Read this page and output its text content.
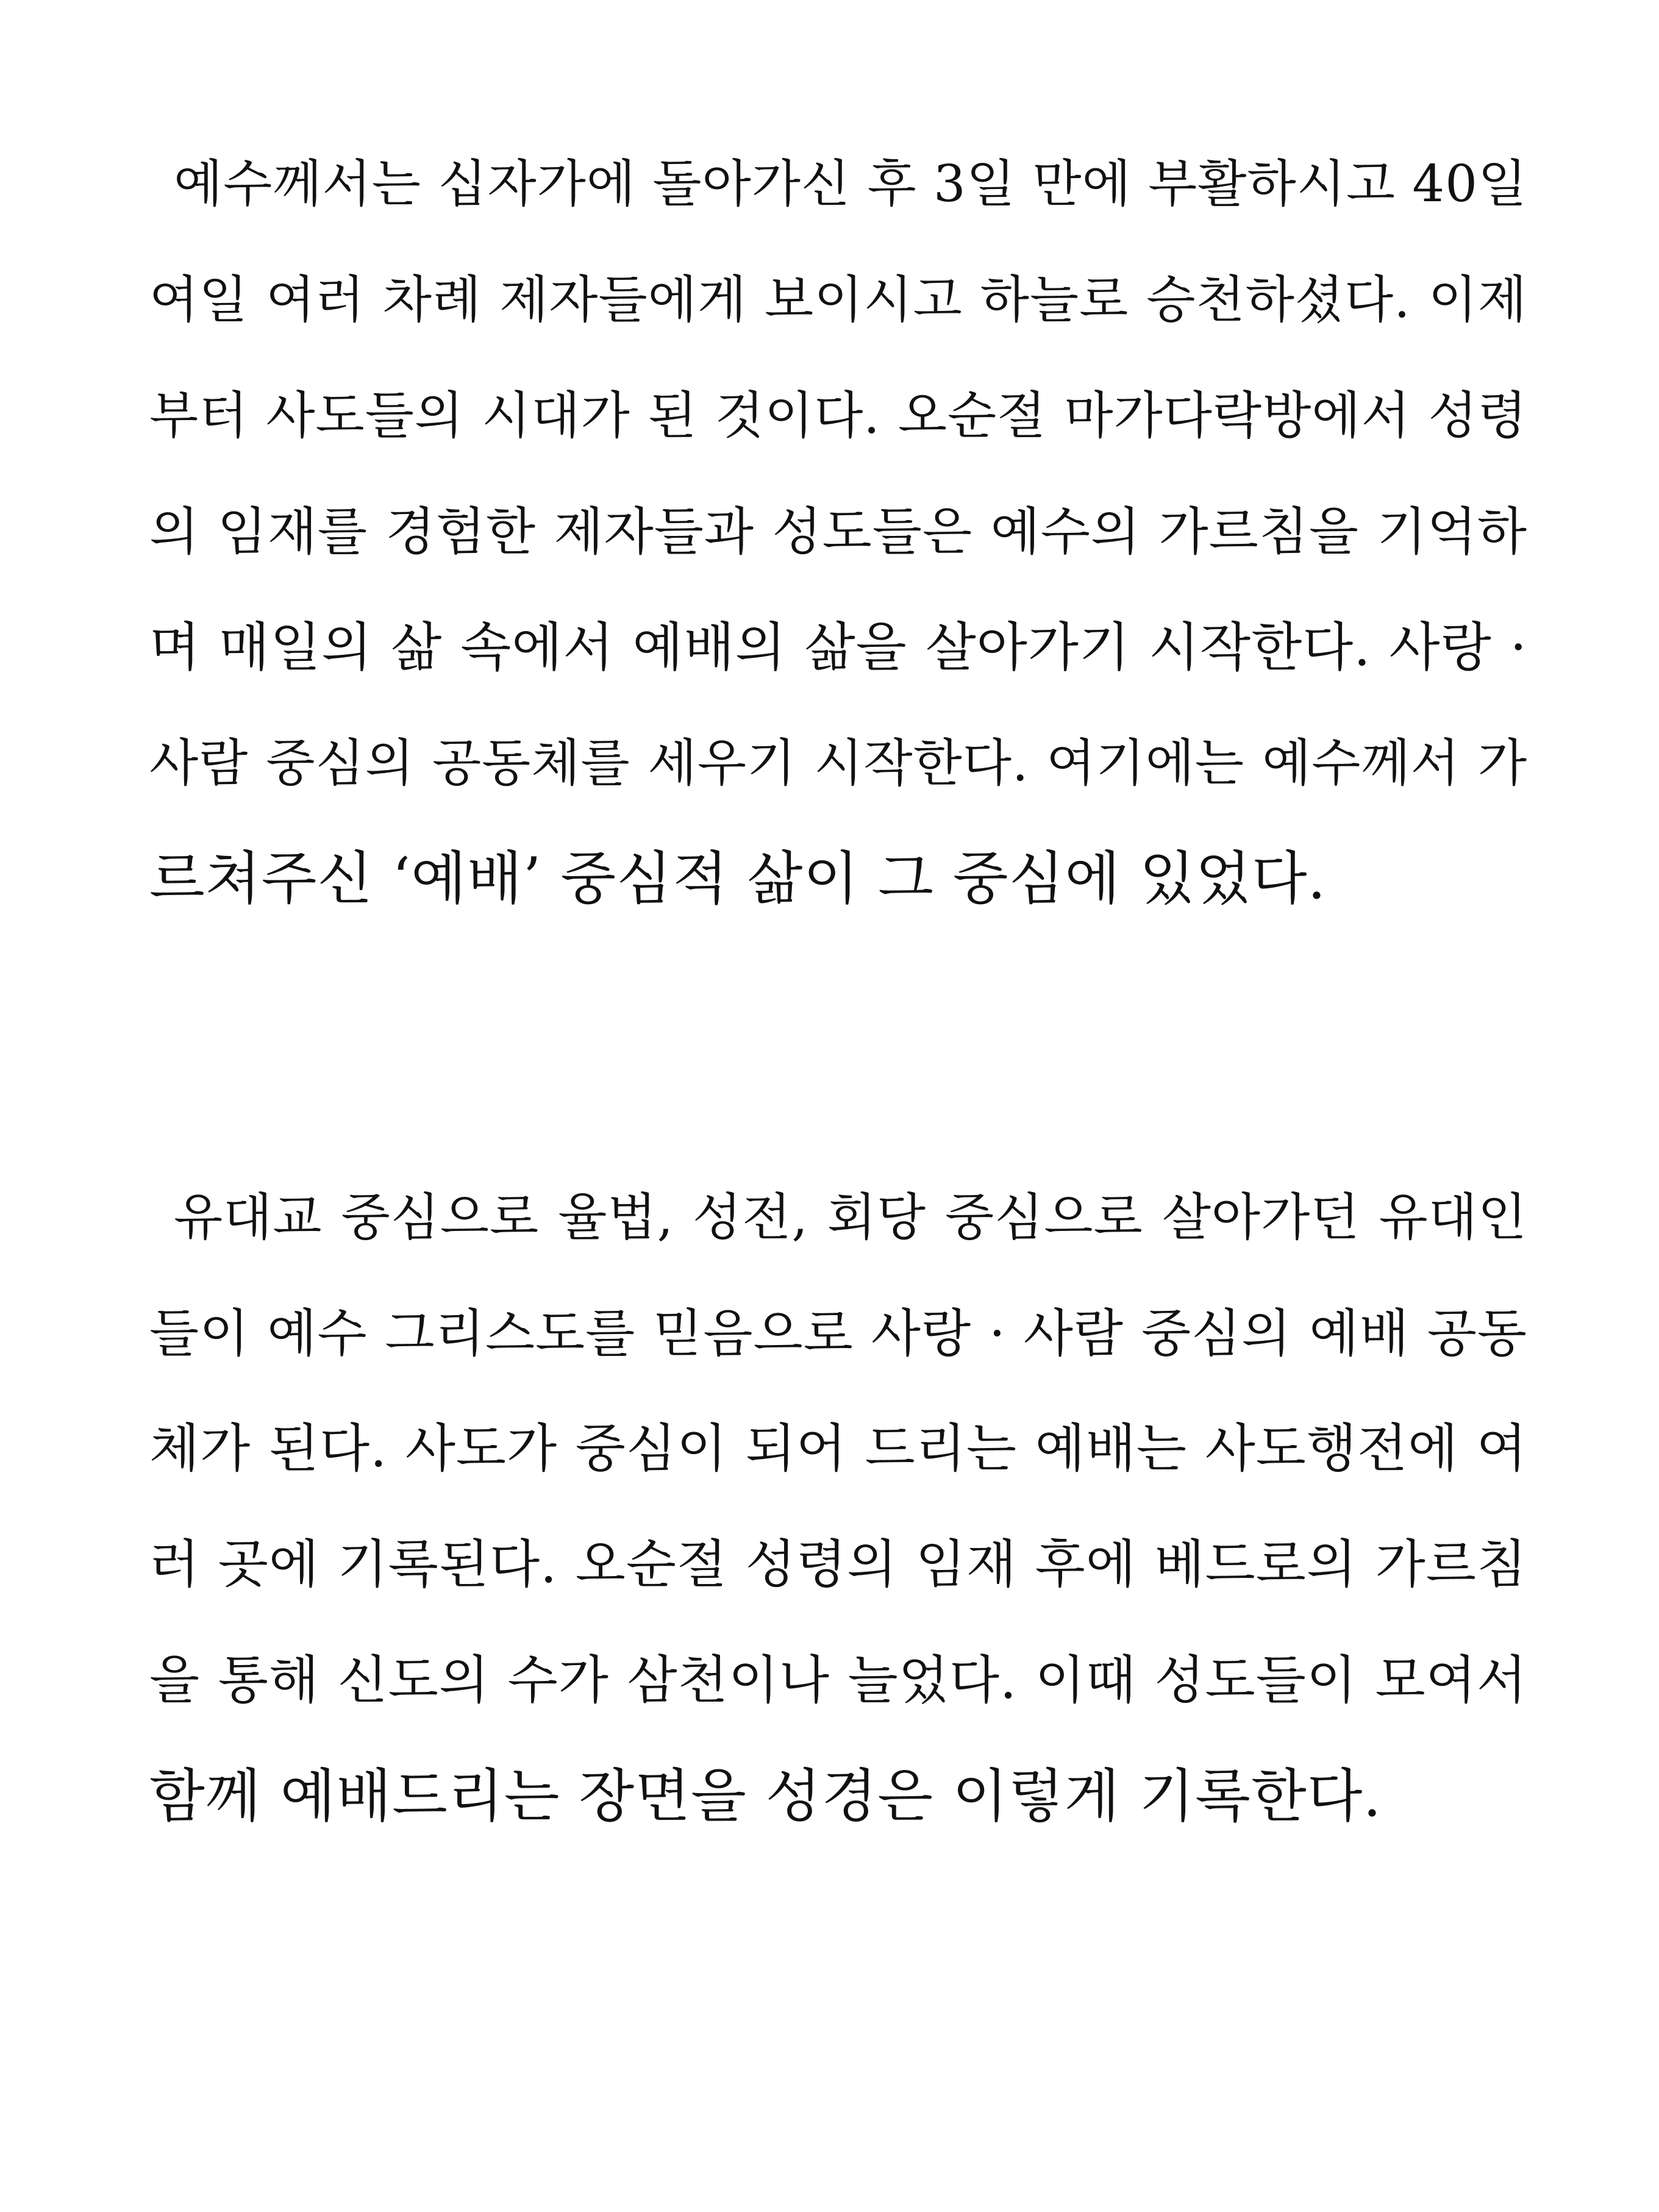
예수께서는 십자가에 돌아가신 후 3일 만에 부활하시고 40일
여일 여러 차례 제자들에게 보이시고 하늘로 승천하셨다. 이제
부터 사도들의 시대가 된 것이다. 오순절 마가다락방에서 성령
의 임재를 경험한 제자들과 성도들은 예수의 가르침을 기억하
며 매일의 삶 속에서 예배의 삶을 살아가기 시작한다. 사랑 ·
사람 중심의 공동체를 세우기 시작한다. 여기에는 예수께서 가
르쳐주신 ‘예배’ 중심적 삶이 그 중심에 있었다.
유대교 중심으로 율법, 성전, 회당 중심으로 살아가던 유대인
들이 예수 그리스도를 믿음으로 사랑 · 사람 중심의 예배 공동
체가 된다. 사도가 중심이 되어 드리는 예배는 사도행전에 여
러 곳에 기록된다. 오순절 성령의 임재 후에 베드로의 가르침
을 통해 신도의 수가 삼천이나 늘었다. 이때 성도들이 모여서
함께 예배드리는 장면을 성경은 이렇게 기록한다.
